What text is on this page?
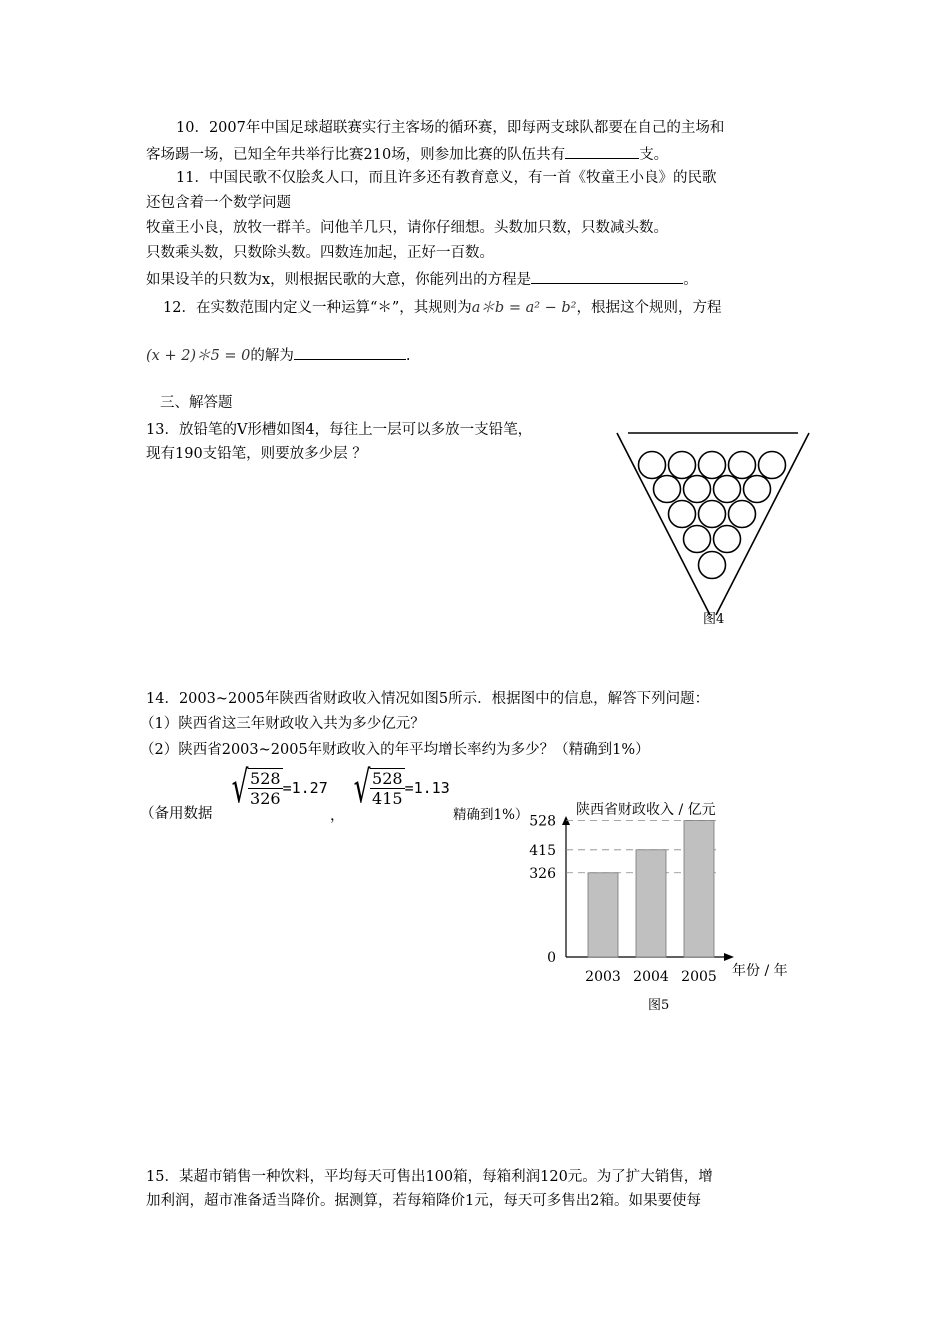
10．2007年中国足球超联赛实行主客场的循环赛，即每两支球队都要在自己的主场和
客场踢一场，已知全年共举行比赛210场，则参加比赛的队伍共有	支。
11．中国民歌不仅脍炙人口，而且许多还有教育意义，有一首《牧童王小良》的民歌
还包含着一个数学问题
牧童王小良，放牧一群羊。问他羊几只，请你仔细想。头数加只数，只数减头数。
只数乘头数，只数除头数。四数连加起，正好一百数。
如果设羊的只数为x，则根据民歌的大意，你能列出的方程是	。
12．在实数范围内定义一种运算“＊”，其规则为a＊b = a² − b²，根据这个规则，方程
(x + 2)＊5 = 0的解为	.
三、解答题
13．放铅笔的V形槽如图4，每往上一层可以多放一支铅笔，
现有190支铅笔，则要放多少层 ？
图4
14．2003~2005年陕西省财政收入情况如图5所示．根据图中的信息，解答下列问题：
（1）陕西省这三年财政收入共为多少亿元？
（2）陕西省2003~2005年财政收入的年平均增长率约为多少？（精确到1%）
（备用数据
√ $\frac{528}{326} =1.27$
，
√ $\frac{528}{415} =1.13$
精确到1%）	陕西省财政收入 / 亿元
年份 / 年
0
326
415
528
2003 2004 2005
图5
15．某超市销售一种饮料，平均每天可售出100箱，每箱利润120元。为了扩大销售，增
加利润，超市准备适当降价。据测算，若每箱降价1元，每天可多售出2箱。如果要使每
